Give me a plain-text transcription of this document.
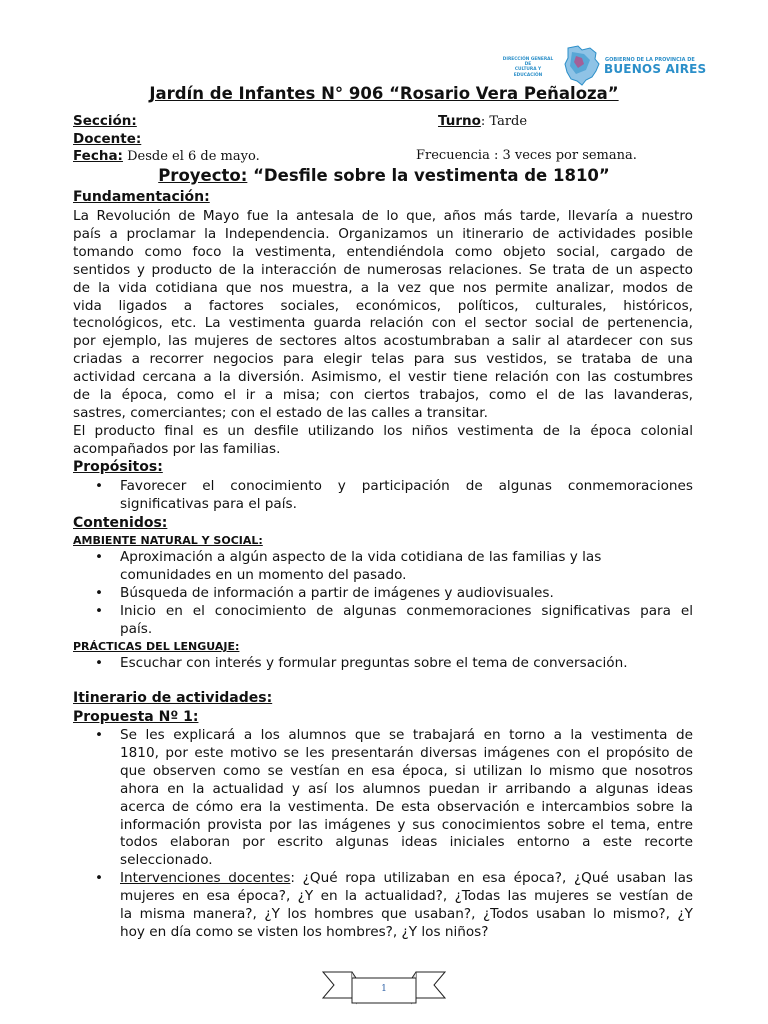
DIRECCIÓN GENERAL DE
CULTURA Y EDUCACIÓN
GOBIERNO DE LA PROVINCIA DE
BUENOS AIRES
Jardín de Infantes N° 906 “Rosario Vera Peñaloza”
Sección:	Turno: Tarde
Docente:
Fecha: Desde el 6 de mayo.	Frecuencia : 3 veces por semana.
Proyecto: “Desfile sobre la vestimenta de 1810”
Fundamentación:
La Revolución de Mayo fue la antesala de lo que, años más tarde, llevaría a nuestro
país a proclamar la Independencia. Organizamos un itinerario de actividades posible
tomando como foco la vestimenta, entendiéndola como objeto social, cargado de
sentidos y producto de la interacción de numerosas relaciones. Se trata de un aspecto
de la vida cotidiana que nos muestra, a la vez que nos permite analizar, modos de
vida ligados a factores sociales, económicos, políticos, culturales, históricos,
tecnológicos, etc. La vestimenta guarda relación con el sector social de pertenencia,
por ejemplo, las mujeres de sectores altos acostumbraban a salir al atardecer con sus
criadas a recorrer negocios para elegir telas para sus vestidos, se trataba de una
actividad cercana a la diversión. Asimismo, el vestir tiene relación con las costumbres
de la época, como el ir a misa; con ciertos trabajos, como el de las lavanderas,
sastres, comerciantes; con el estado de las calles a transitar.
El producto final es un desfile utilizando los niños vestimenta de la época colonial
acompañados por las familias.
Propósitos:
• Favorecer el conocimiento y participación de algunas conmemoraciones
significativas para el país.
Contenidos:
AMBIENTE NATURAL Y SOCIAL:
• Aproximación a algún aspecto de la vida cotidiana de las familias y las
comunidades en un momento del pasado.
• Búsqueda de información a partir de imágenes y audiovisuales.
• Inicio en el conocimiento de algunas conmemoraciones significativas para el
país.
PRÁCTICAS DEL LENGUAJE:
• Escuchar con interés y formular preguntas sobre el tema de conversación.
Itinerario de actividades:
Propuesta Nº 1:
• Se les explicará a los alumnos que se trabajará en torno a la vestimenta de
1810, por este motivo se les presentarán diversas imágenes con el propósito de
que observen como se vestían en esa época, si utilizan lo mismo que nosotros
ahora en la actualidad y así los alumnos puedan ir arribando a algunas ideas
acerca de cómo era la vestimenta. De esta observación e intercambios sobre la
información provista por las imágenes y sus conocimientos sobre el tema, entre
todos elaboran por escrito algunas ideas iniciales entorno a este recorte
seleccionado.
• Intervenciones docentes: ¿Qué ropa utilizaban en esa época?, ¿Qué usaban las
mujeres en esa época?, ¿Y en la actualidad?, ¿Todas las mujeres se vestían de
la misma manera?, ¿Y los hombres que usaban?, ¿Todos usaban lo mismo?, ¿Y
hoy en día como se visten los hombres?, ¿Y los niños?
1
